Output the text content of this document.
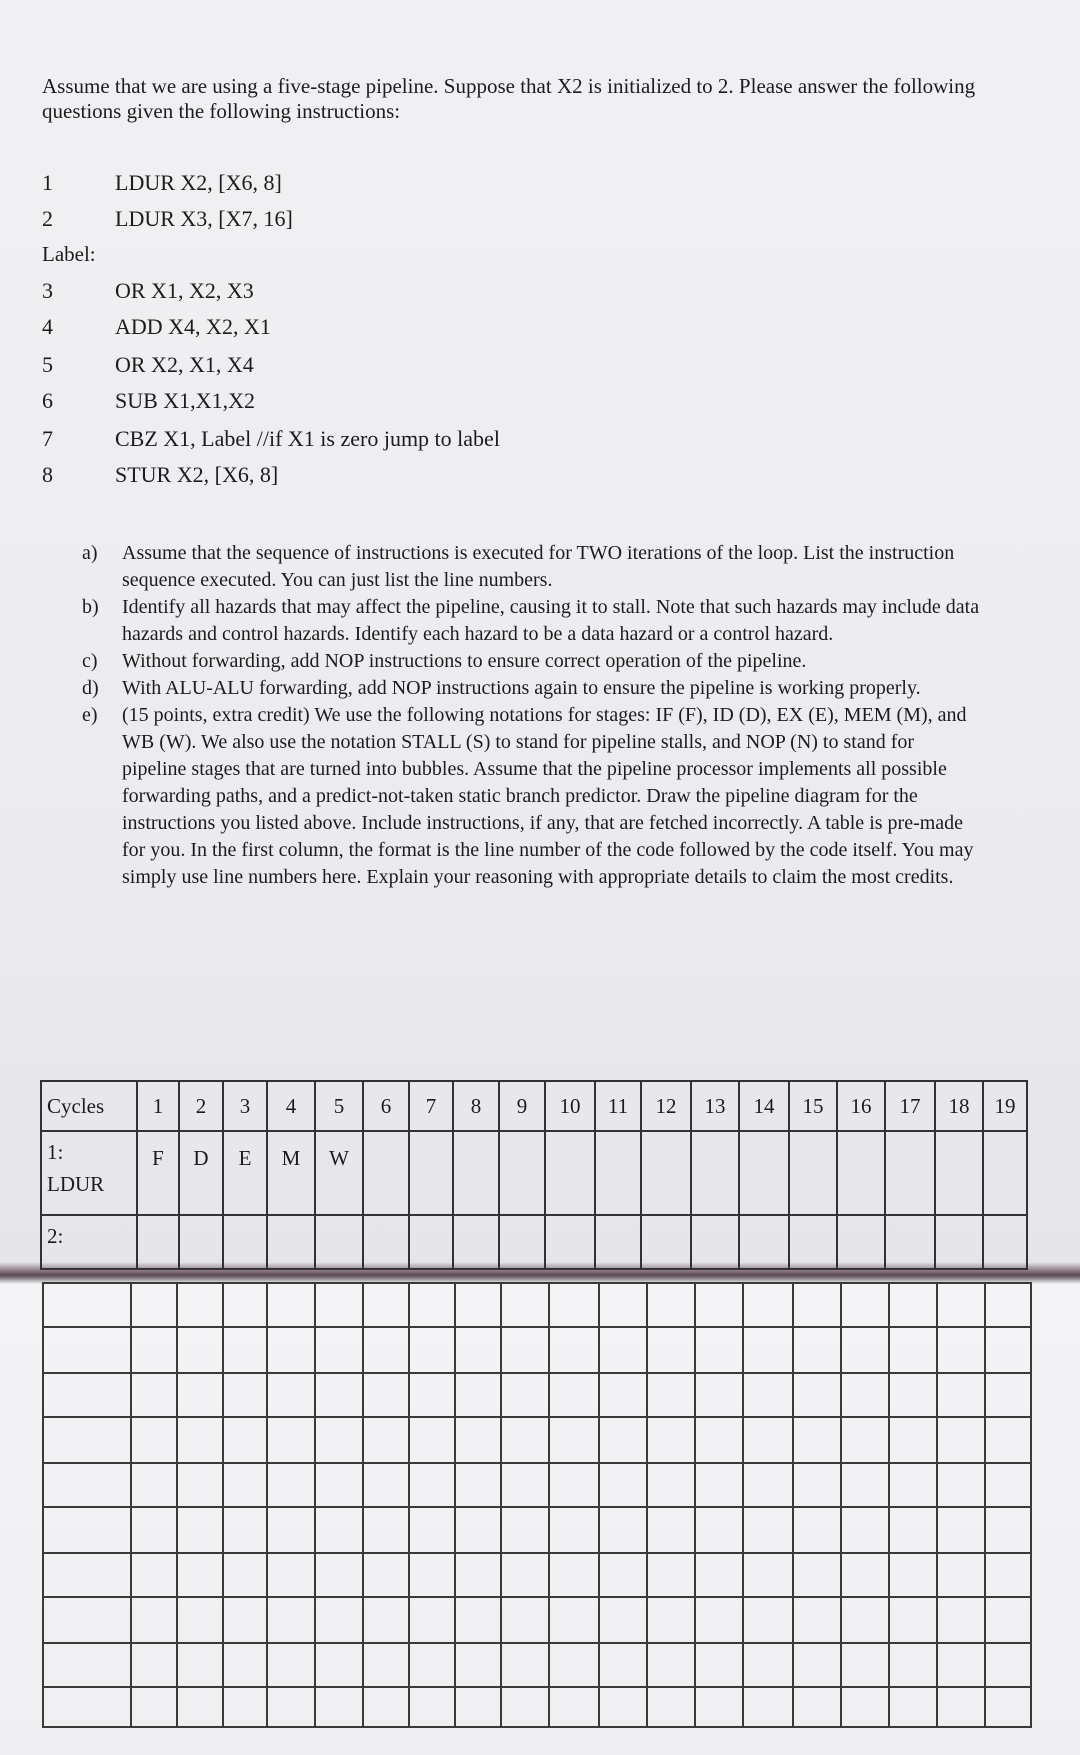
Assume that we are using a five-stage pipeline. Suppose that X2 is initialized to 2. Please answer the following questions given the following instructions:
1	LDUR X2, [X6, 8]
2	LDUR X3, [X7, 16]
Label:
3	OR X1, X2, X3
4	ADD X4, X2, X1
5	OR X2, X1, X4
6	SUB X1,X1,X2
7	CBZ X1, Label //if X1 is zero jump to label
8	STUR X2, [X6, 8]

a) Assume that the sequence of instructions is executed for TWO iterations of the loop. List the instruction sequence executed. You can just list the line numbers.

b) Identify all hazards that may affect the pipeline, causing it to stall. Note that such hazards may include data hazards and control hazards. Identify each hazard to be a data hazard or a control hazard.

c) Without forwarding, add NOP instructions to ensure correct operation of the pipeline.

d) With ALU-ALU forwarding, add NOP instructions again to ensure the pipeline is working properly.

e) (15 points, extra credit) We use the following notations for stages: IF (F), ID (D), EX (E), MEM (M), and WB (W). We also use the notation STALL (S) to stand for pipeline stalls, and NOP (N) to stand for pipeline stages that are turned into bubbles. Assume that the pipeline processor implements all possible forwarding paths, and a predict-not-taken static branch predictor. Draw the pipeline diagram for the instructions you listed above. Include instructions, if any, that are fetched incorrectly. A table is pre-made for you. In the first column, the format is the line number of the code followed by the code itself. You may simply use line numbers here. Explain your reasoning with appropriate details to claim the most credits.

Cycles	1	2	3	4	5	6	7	8	9	10	11	12	13	14	15	16	17	18	19
1:
LDUR	F	D	E	M	W														
2:																			
